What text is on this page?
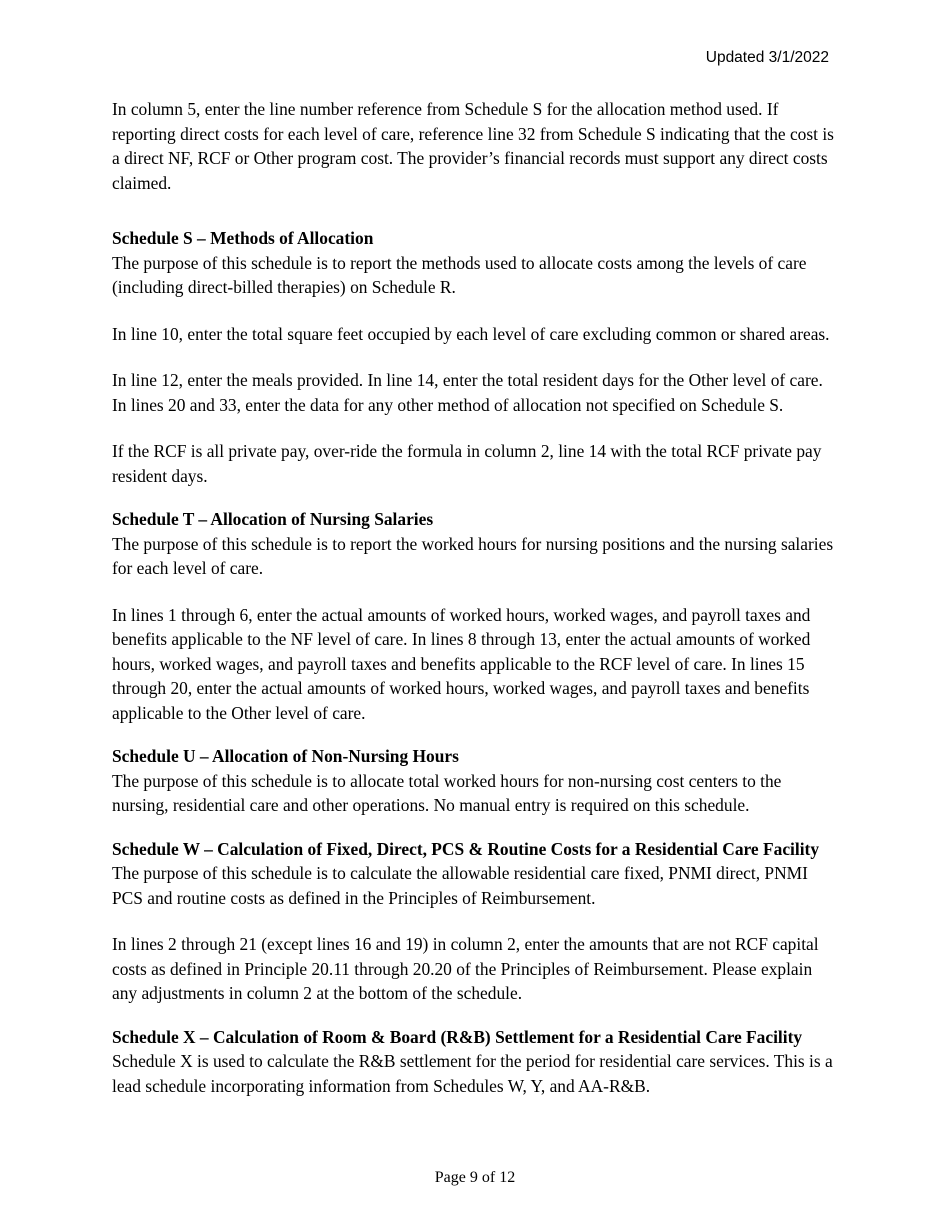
Updated 3/1/2022

In column 5, enter the line number reference from Schedule S for the allocation method used. If reporting direct costs for each level of care, reference line 32 from Schedule S indicating that the cost is a direct NF, RCF or Other program cost. The provider’s financial records must support any direct costs claimed.

Schedule S – Methods of Allocation

The purpose of this schedule is to report the methods used to allocate costs among the levels of care (including direct-billed therapies) on Schedule R.

In line 10, enter the total square feet occupied by each level of care excluding common or shared areas.

In line 12, enter the meals provided. In line 14, enter the total resident days for the Other level of care. In lines 20 and 33, enter the data for any other method of allocation not specified on Schedule S.

If the RCF is all private pay, over-ride the formula in column 2, line 14 with the total RCF private pay resident days.

Schedule T – Allocation of Nursing Salaries

The purpose of this schedule is to report the worked hours for nursing positions and the nursing salaries for each level of care.

In lines 1 through 6, enter the actual amounts of worked hours, worked wages, and payroll taxes and benefits applicable to the NF level of care. In lines 8 through 13, enter the actual amounts of worked hours, worked wages, and payroll taxes and benefits applicable to the RCF level of care. In lines 15 through 20, enter the actual amounts of worked hours, worked wages, and payroll taxes and benefits applicable to the Other level of care.

Schedule U – Allocation of Non-Nursing Hours

The purpose of this schedule is to allocate total worked hours for non-nursing cost centers to the nursing, residential care and other operations. No manual entry is required on this schedule.

Schedule W – Calculation of Fixed, Direct, PCS & Routine Costs for a Residential Care Facility The purpose of this schedule is to calculate the allowable residential care fixed, PNMI direct, PNMI PCS and routine costs as defined in the Principles of Reimbursement.

In lines 2 through 21 (except lines 16 and 19) in column 2, enter the amounts that are not RCF capital costs as defined in Principle 20.11 through 20.20 of the Principles of Reimbursement. Please explain any adjustments in column 2 at the bottom of the schedule.

Schedule X – Calculation of Room & Board (R&B) Settlement for a Residential Care Facility Schedule X is used to calculate the R&B settlement for the period for residential care services. This is a lead schedule incorporating information from Schedules W, Y, and AA-R&B.

Page 9 of 12
